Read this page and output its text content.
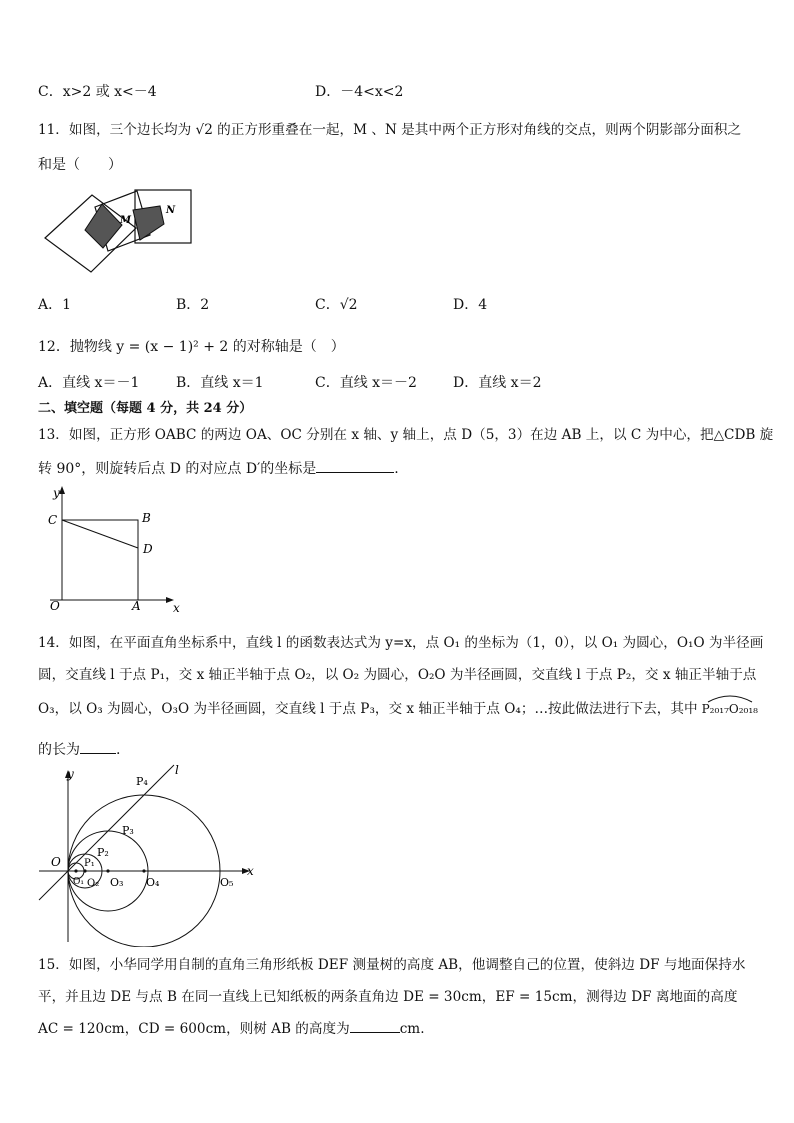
C．x>2 或 x<－4	D．－4<x<2
11．如图，三个边长均为 √2 的正方形重叠在一起，M 、N 是其中两个正方形对角线的交点，则两个阴影部分面积之
和是（　　）
M
N
A．1	B．2	C．√2	D．4
12．抛物线 y = (x − 1)² + 2 的对称轴是（　）
A．直线 x＝－1	B．直线 x＝1	C．直线 x＝－2	D．直线 x＝2
二、填空题（每题 4 分，共 24 分）
13．如图，正方形 OABC 的两边 OA、OC 分别在 x 轴、y 轴上，点 D（5，3）在边 AB 上，以 C 为中心，把△CDB 旋
转 90°，则旋转后点 D 的对应点 D′的坐标是	.
y
x
C	B
D
O	A
14．如图，在平面直角坐标系中，直线 l 的函数表达式为 y=x，点 O₁ 的坐标为（1，0），以 O₁ 为圆心，O₁O 为半径画
圆，交直线 l 于点 P₁，交 x 轴正半轴于点 O₂，以 O₂ 为圆心，O₂O 为半径画圆，交直线 l 于点 P₂，交 x 轴正半轴于点
O₃，以 O₃ 为圆心，O₃O 为半径画圆，交直线 l 于点 P₃，交 x 轴正半轴于点 O₄；…按此做法进行下去，其中 P₂₀₁₇O₂₀₁₈
的长为	.
y
x
l
O P₁
P₂
P₃
P₄
O₁ O₂ O₃ O₄	O₅
15．如图，小华同学用自制的直角三角形纸板 DEF 测量树的高度 AB，他调整自己的位置，使斜边 DF 与地面保持水
平，并且边 DE 与点 B 在同一直线上已知纸板的两条直角边 DE = 30cm，EF = 15cm，测得边 DF 离地面的高度
AC = 120cm，CD = 600cm，则树 AB 的高度为	cm.
